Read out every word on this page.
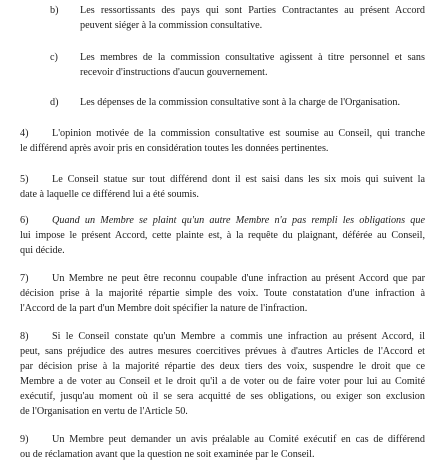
b) Les ressortissants des pays qui sont Parties Contractantes au présent Accord
peuvent siéger à la commission consultative.
c) Les membres de la commission consultative agissent à titre personnel et sans
recevoir d'instructions d'aucun gouvernement.
d) Les dépenses de la commission consultative sont à la charge de l'Organisation.
4)	L'opinion motivée de la commission consultative est soumise au Conseil, qui tranche
le différend après avoir pris en considération toutes les données pertinentes.
5)	Le Conseil statue sur tout différend dont il est saisi dans les six mois qui suivent la
date à laquelle ce différend lui a été soumis.
6)	Quand un Membre se plaint qu'un autre Membre n'a pas rempli les obligations que
lui impose le présent Accord, cette plainte est, à la requête du plaignant, déférée au Conseil,
qui décide.
7)	Un Membre ne peut être reconnu coupable d'une infraction au présent Accord que par
décision prise à la majorité répartie simple des voix. Toute constatation d'une infraction à
l'Accord de la part d'un Membre doit spécifier la nature de l'infraction.
8)	Si le Conseil constate qu'un Membre a commis une infraction au présent Accord, il
peut, sans préjudice des autres mesures coercitives prévues à d'autres Articles de l'Accord et
par décision prise à la majorité répartie des deux tiers des voix, suspendre le droit que ce
Membre a de voter au Conseil et le droit qu'il a de voter ou de faire voter pour lui au Comité
exécutif, jusqu'au moment où il se sera acquitté de ses obligations, ou exiger son exclusion
de l'Organisation en vertu de l'Article 50.
9)	Un Membre peut demander un avis préalable au Comité exécutif en cas de différend
ou de réclamation avant que la question ne soit examinée par le Conseil.
